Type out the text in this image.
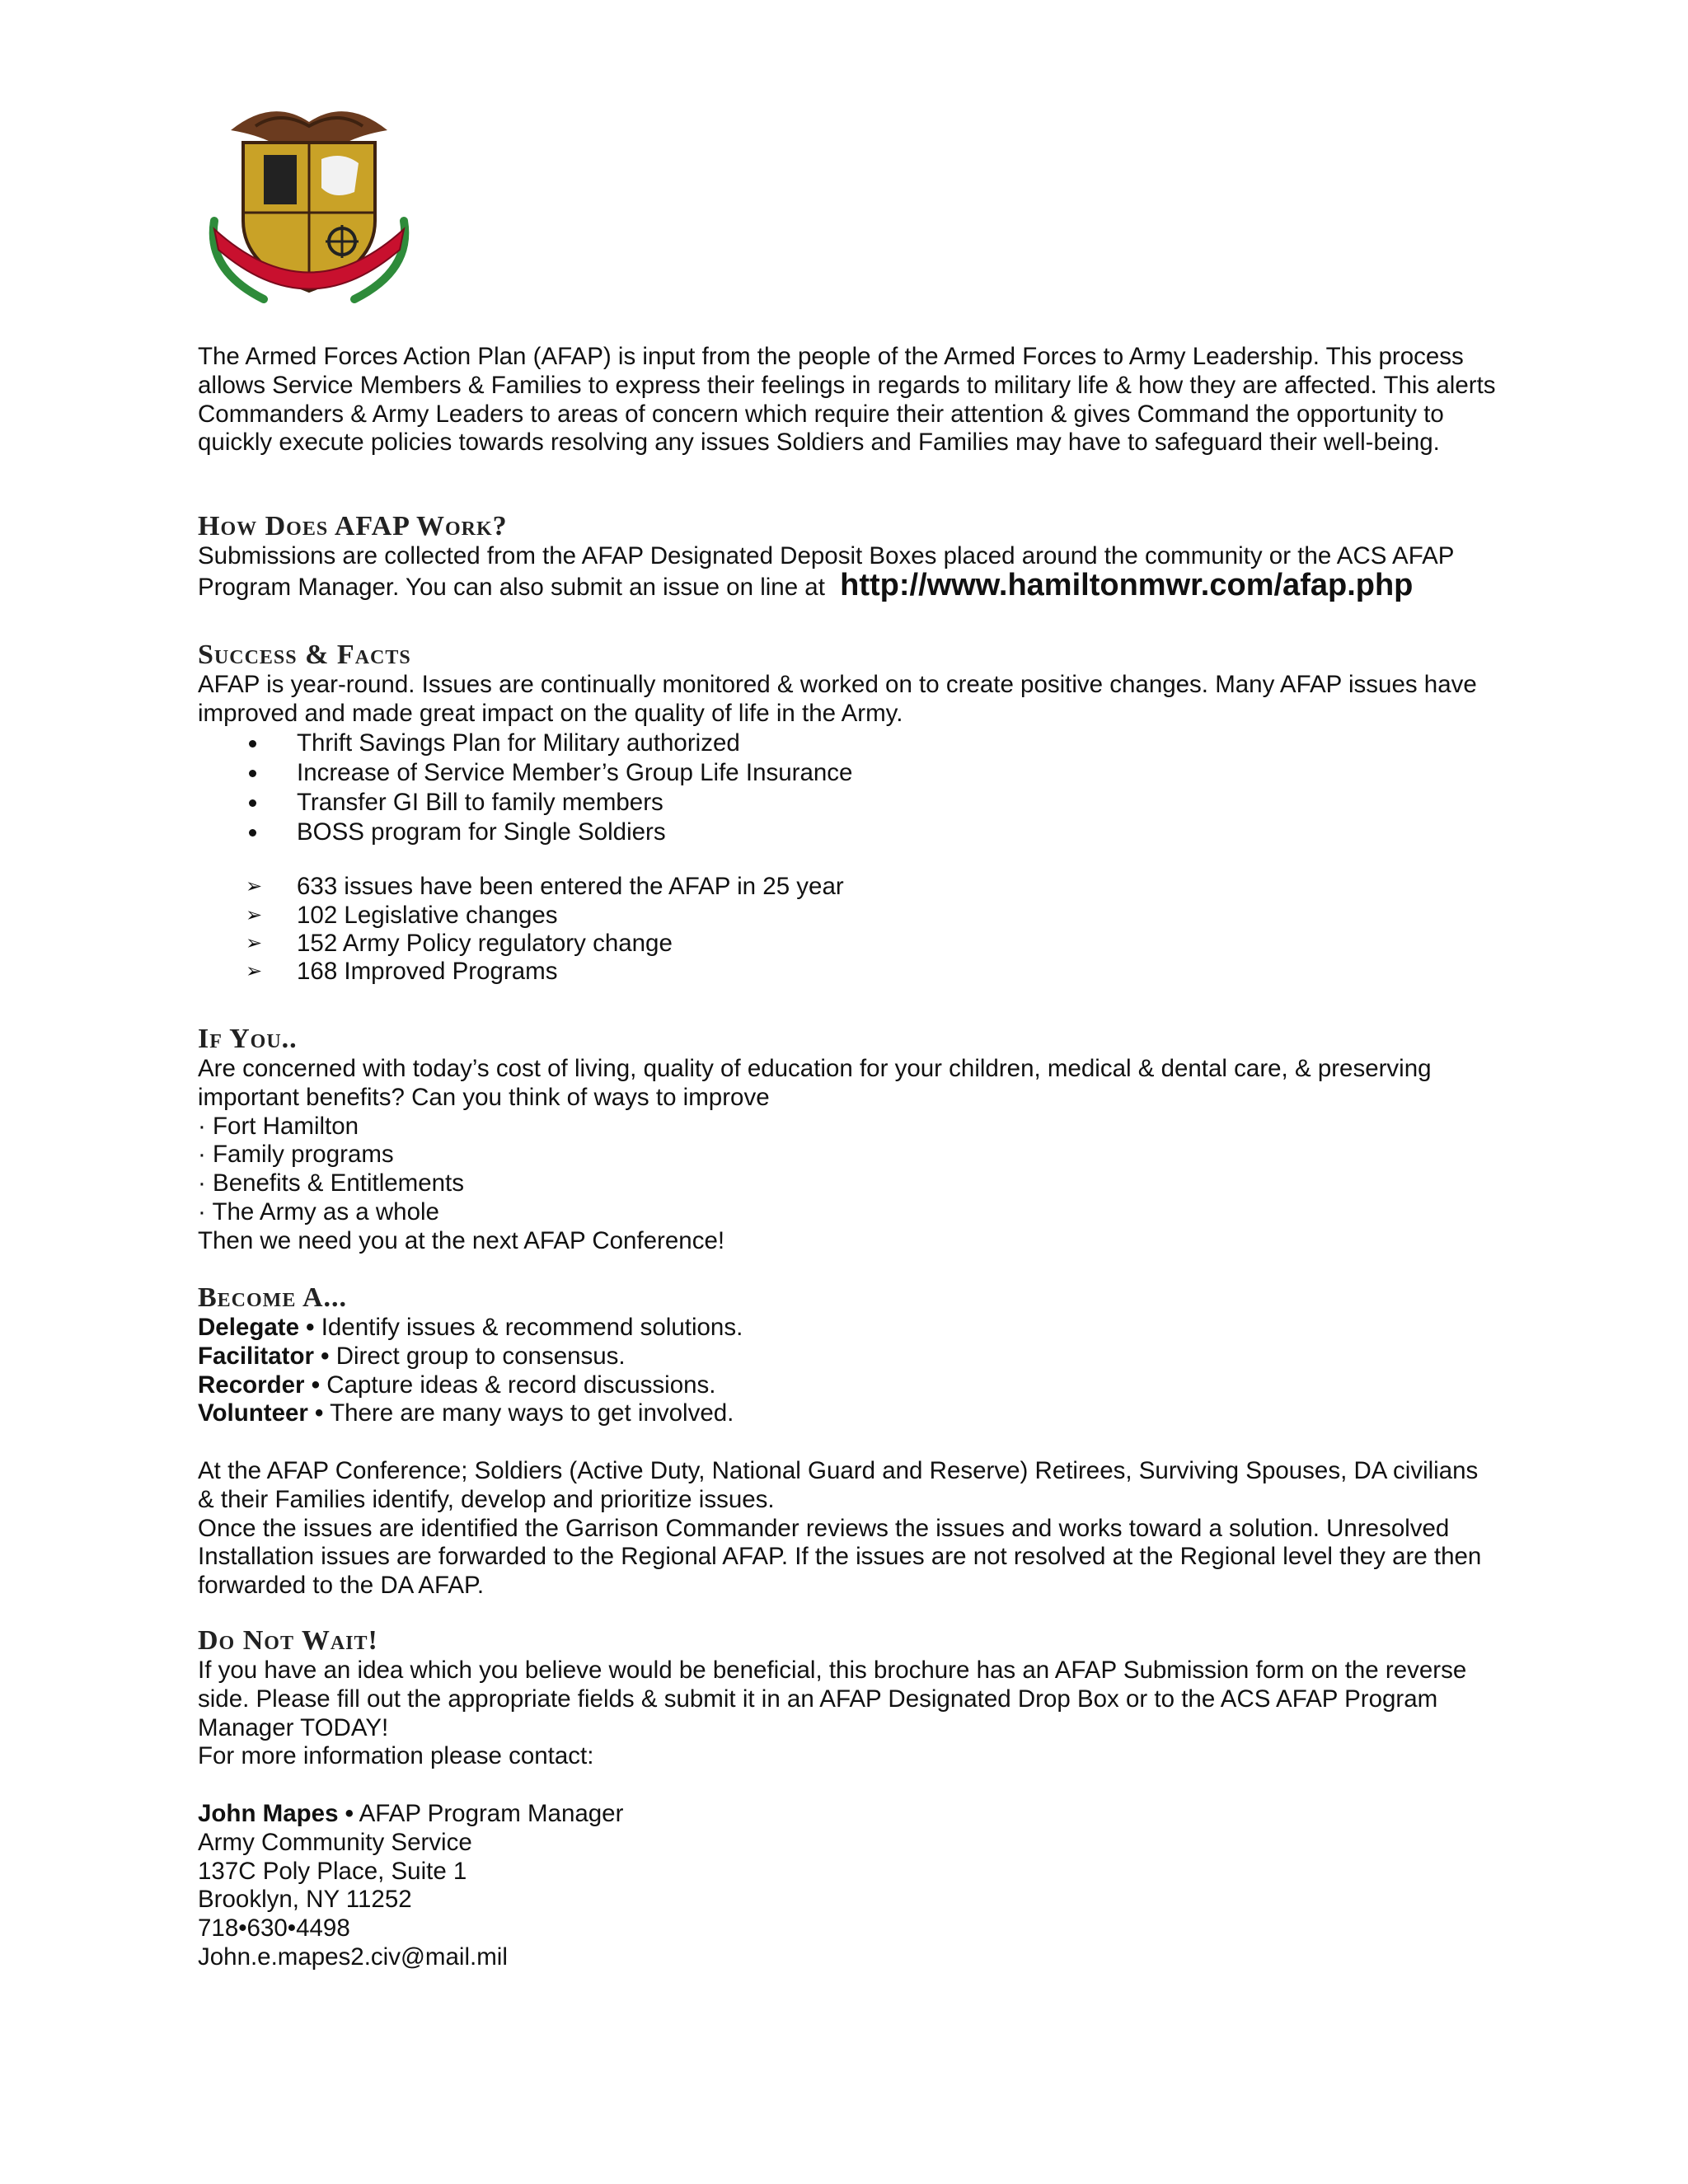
The Armed Forces Action Plan (AFAP) is input from the people of the Armed Forces to Army Leadership. This process allows Service Members & Families to express their feelings in regards to military life & how they are affected. This alerts Commanders & Army Leaders to areas of concern which require their attention & gives Command the opportunity to quickly execute policies towards resolving any issues Soldiers and Families may have to safeguard their well-being.

How Does AFAP Work?

Submissions are collected from the AFAP Designated Deposit Boxes placed around the community or the ACS AFAP Program Manager. You can also submit an issue on line at http://www.hamiltonmwr.com/afap.php

Success & Facts

AFAP is year-round. Issues are continually monitored & worked on to create positive changes. Many AFAP issues have improved and made great impact on the quality of life in the Army.

Thrift Savings Plan for Military authorized
Increase of Service Member’s Group Life Insurance
Transfer GI Bill to family members
BOSS program for Single Soldiers
➢ 633 issues have been entered the AFAP in 25 year
➢ 102 Legislative changes
➢ 152 Army Policy regulatory change
➢ 168 Improved Programs
If You..

Are concerned with today’s cost of living, quality of education for your children, medical & dental care, & preserving important benefits? Can you think of ways to improve

· Fort Hamilton
· Family programs
· Benefits & Entitlements
· The Army as a whole

Then we need you at the next AFAP Conference!

Become A...

Delegate • Identify issues & recommend solutions.

Facilitator • Direct group to consensus.

Recorder • Capture ideas & record discussions.

Volunteer • There are many ways to get involved.

At the AFAP Conference; Soldiers (Active Duty, National Guard and Reserve) Retirees, Surviving Spouses, DA civilians & their Families identify, develop and prioritize issues.

Once the issues are identified the Garrison Commander reviews the issues and works toward a solution. Unresolved Installation issues are forwarded to the Regional AFAP. If the issues are not resolved at the Regional level they are then forwarded to the DA AFAP.

Do Not Wait!

If you have an idea which you believe would be beneficial, this brochure has an AFAP Submission form on the reverse side. Please fill out the appropriate fields & submit it in an AFAP Designated Drop Box or to the ACS AFAP Program Manager TODAY!

For more information please contact:

John Mapes • AFAP Program Manager

Army Community Service

137C Poly Place, Suite 1

Brooklyn, NY 11252

718•630•4498

John.e.mapes2.civ@mail.mil
